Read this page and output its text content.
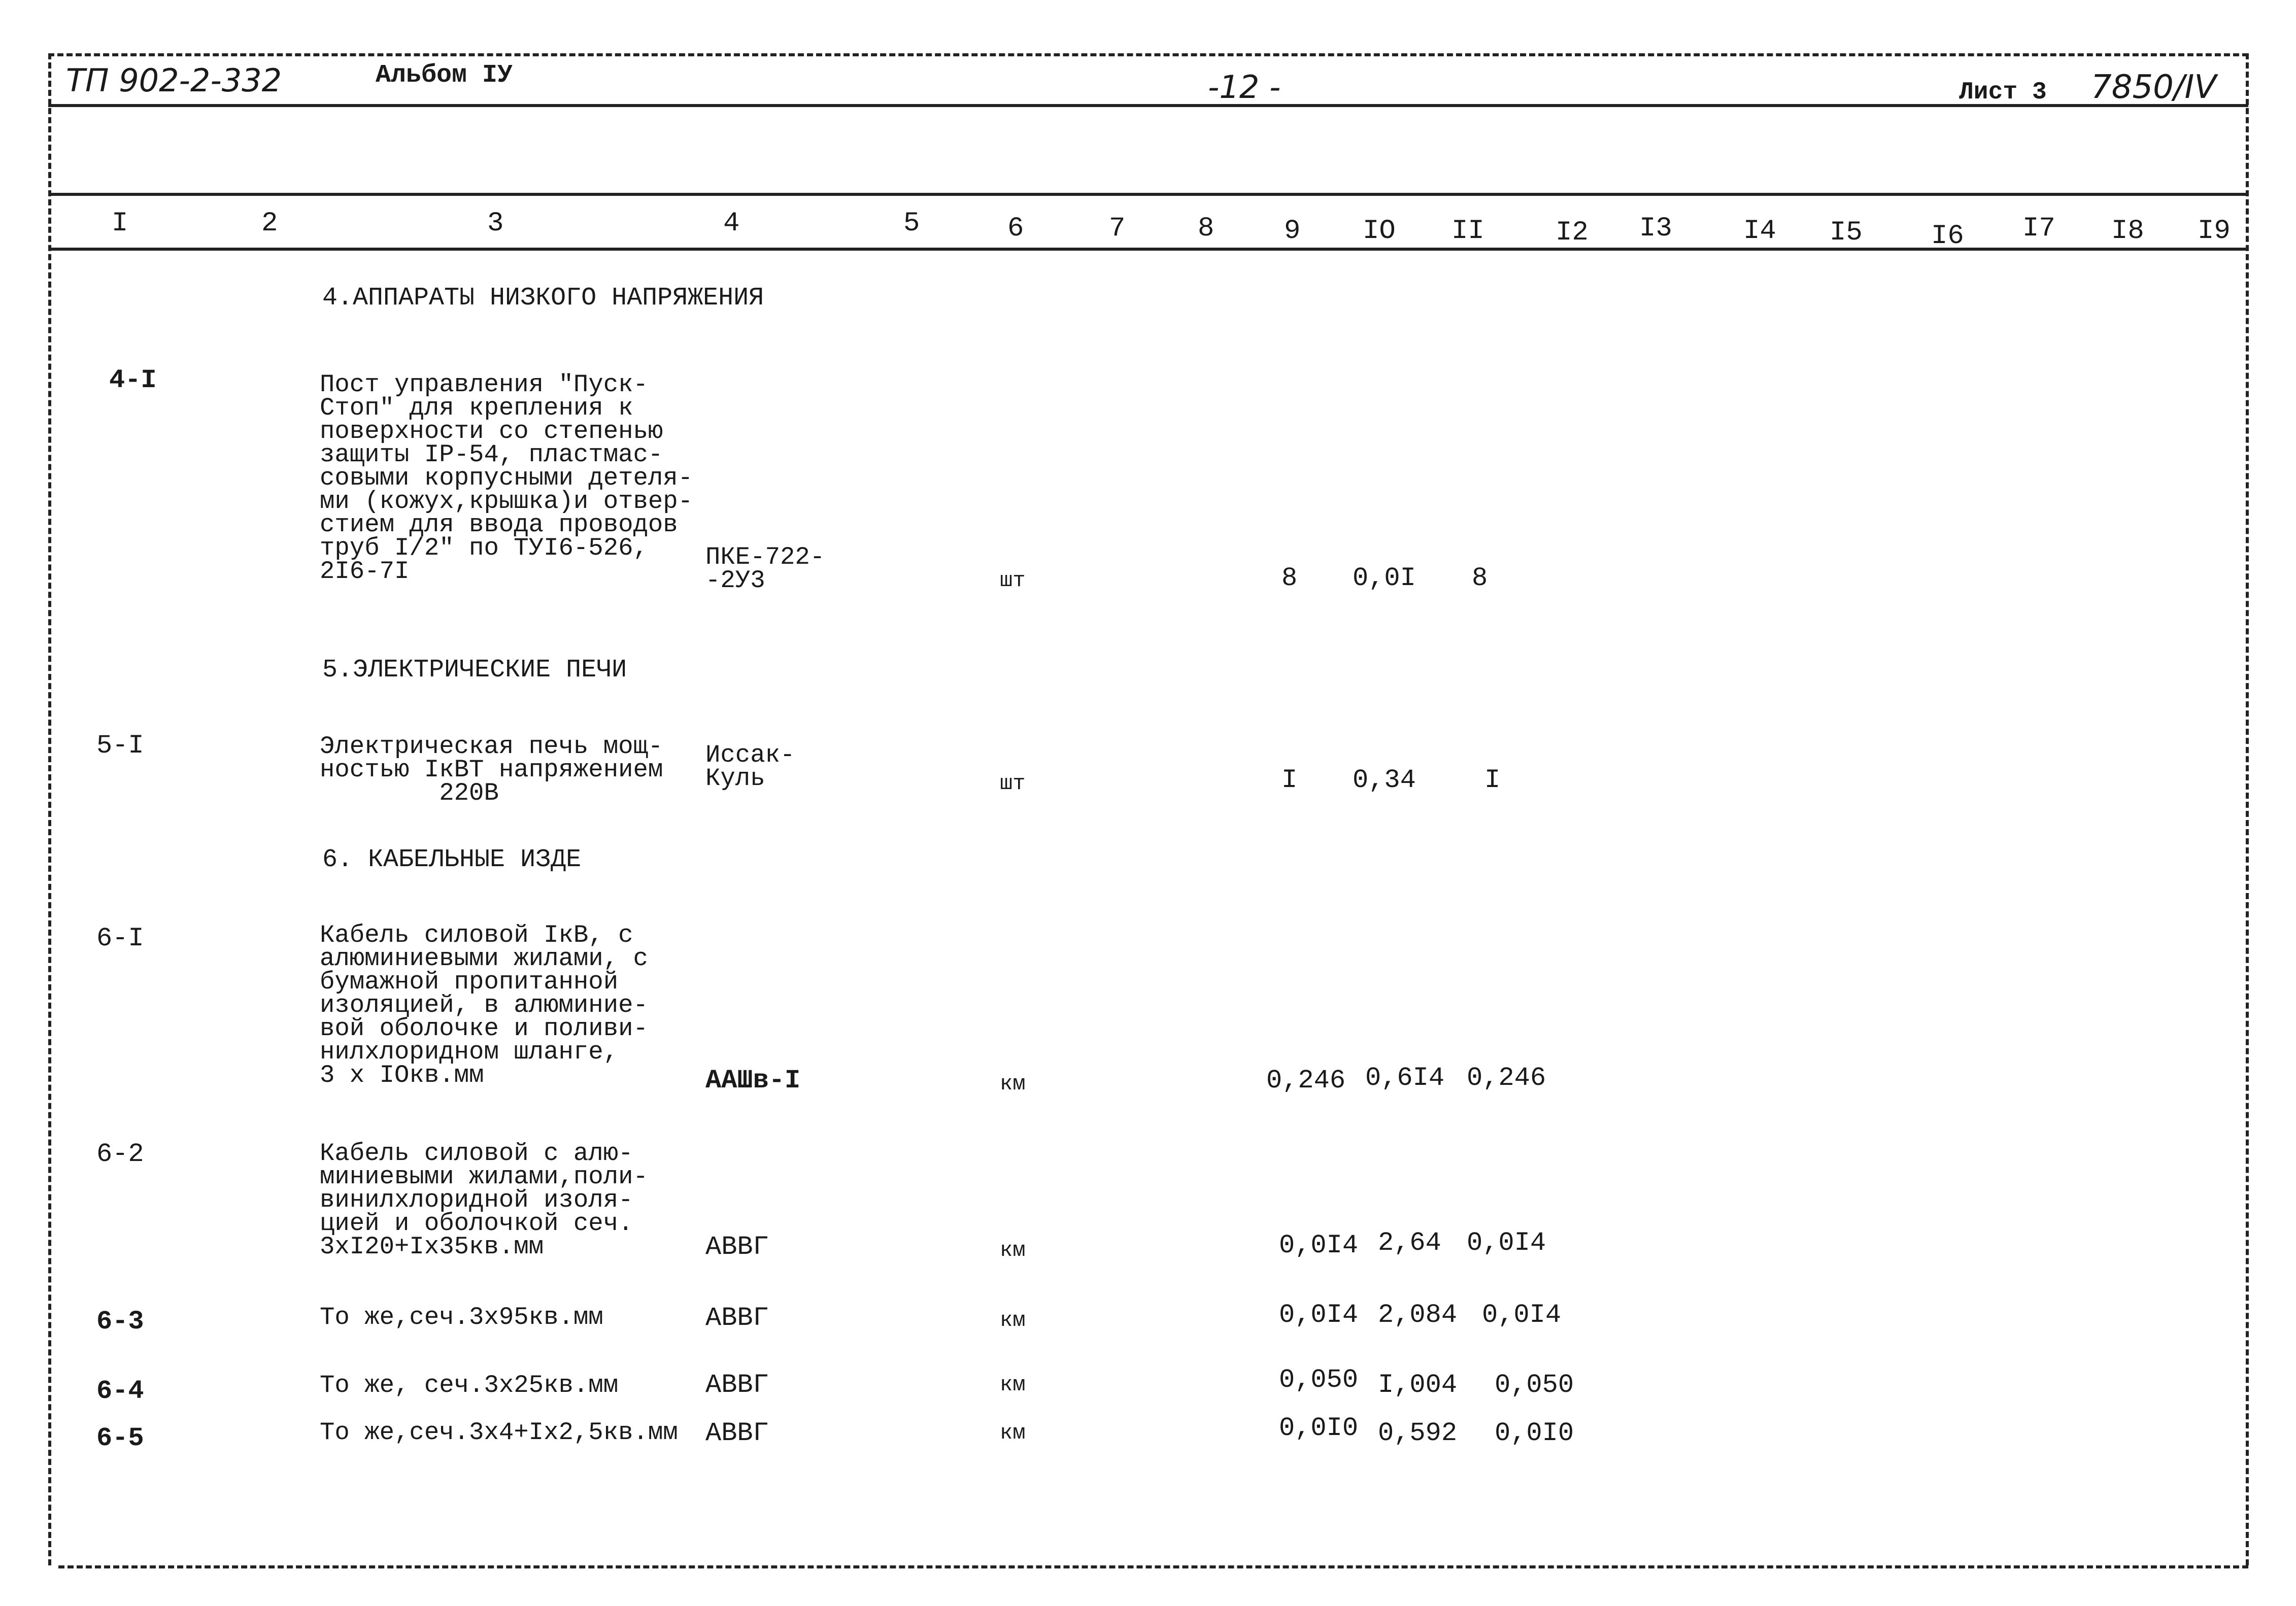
ТП 902-2-332	Альбом IУ	-12 -	Лист 3 7850/IV
I	2	3	4	5	6	7	8	9 IO II	I2 I3	I4 I5	I6 I7 I8 I9
4.АППАРАТЫ НИЗКОГО НАПРЯЖЕНИЯ
4-I	Пост управления "Пуск-
Стоп" для крепления к
поверхности со степенью
защиты IP-54, пластмас-
совыми корпусными детеля-
ми (кожух,крышка)и отвер-
стием для ввода проводов
труб I/2" по ТУI6-526,
2I6-7I	ПКЕ-722-
-2У3	шт	8 0,0I 8
5.ЭЛЕКТРИЧЕСКИЕ ПЕЧИ
5-I	Электрическая печь мощ-
ностью IкВТ напряжением
220В
Иссак-
Куль	шт	I 0,34	I
6. КАБЕЛЬНЫЕ ИЗДЕ
6-I	Кабель силовой IкВ, с
алюминиевыми жилами, с
бумажной пропитанной
изоляцией, в алюминие-
вой оболочке и поливи-
нилхлоридном шланге,
3 х IОкв.мм	ААШв-I	км	0,246 0,6I4 0,246
6-2	Кабель силовой с алю-
миниевыми жилами,поли-
винилхлоридной изоля-
цией и оболочкой сеч.
3хI20+Iх35кв.мм	АВВГ	км	0,0I4 2,64 0,0I4
6-3	То же,сеч.3х95кв.мм	АВВГ	км	0,0I4 2,084 0,0I4
6-4	То же, сеч.3х25кв.мм	АВВГ	км	0,050 I,004 0,050
6-5	То же,сеч.3х4+Iх2,5кв.мм АВВГ	км	0,0I0 0,592 0,0I0
